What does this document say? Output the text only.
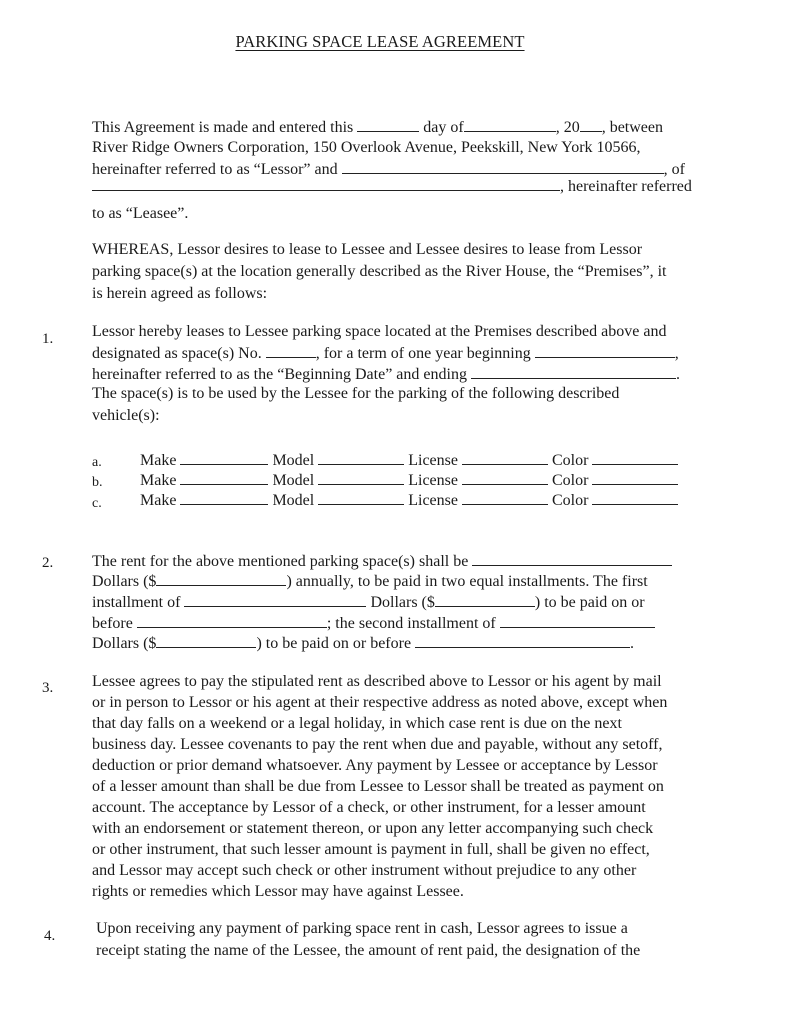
PARKING SPACE LEASE AGREEMENT
This Agreement is made and entered this	day of	, 20 , between
River Ridge Owners Corporation, 150 Overlook Avenue, Peekskill, New York 10566,
hereinafter referred to as “Lessor” and	, of
, hereinafter referred
to as “Leasee”.
WHEREAS, Lessor desires to lease to Lessee and Lessee desires to lease from Lessor
parking space(s) at the location generally described as the River House, the “Premises”, it
is herein agreed as follows:
1. Lessor hereby leases to Lessee parking space located at the Premises described above and
designated as space(s) No.	, for a term of one year beginning	,
hereinafter referred to as the “Beginning Date” and ending	.
The space(s) is to be used by the Lessee for the parking of the following described
vehicle(s):
a. Make	Model	License	Color
b. Make	Model	License	Color
c. Make	Model	License	Color
2. The rent for the above mentioned parking space(s) shall be
Dollars ($	) annually, to be paid in two equal installments. The first
installment of	Dollars ($	) to be paid on or
before	; the second installment of
Dollars ($	) to be paid on or before	.
3. Lessee agrees to pay the stipulated rent as described above to Lessor or his agent by mail
or in person to Lessor or his agent at their respective address as noted above, except when
that day falls on a weekend or a legal holiday, in which case rent is due on the next
business day. Lessee covenants to pay the rent when due and payable, without any setoff,
deduction or prior demand whatsoever. Any payment by Lessee or acceptance by Lessor
of a lesser amount than shall be due from Lessee to Lessor shall be treated as payment on
account. The acceptance by Lessor of a check, or other instrument, for a lesser amount
with an endorsement or statement thereon, or upon any letter accompanying such check
or other instrument, that such lesser amount is payment in full, shall be given no effect,
and Lessor may accept such check or other instrument without prejudice to any other
rights or remedies which Lessor may have against Lessee.
4.	Upon receiving any payment of parking space rent in cash, Lessor agrees to issue a
receipt stating the name of the Lessee, the amount of rent paid, the designation of the
